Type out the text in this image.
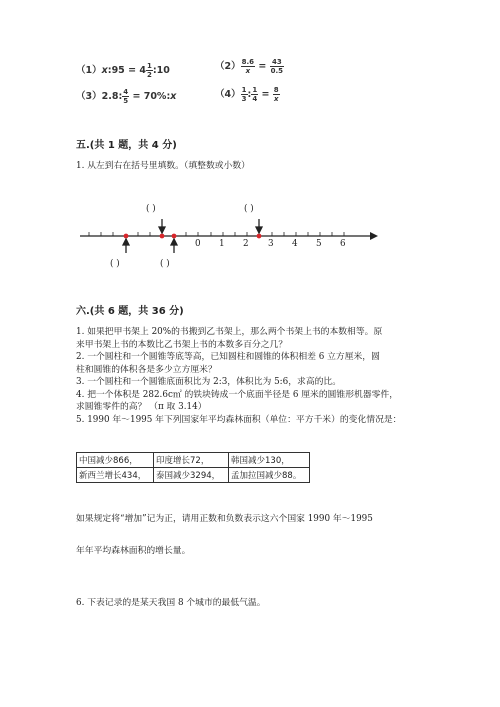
（1）x:95 = $4 \frac{1}{2}$ :10	$(2) \frac{8.6}{x} = \frac{43}{0.5}$
（3）2.8: $\frac{4}{5}$ = 70%:x	$(4) \frac{1}{3}$ : $\frac{1}{4} = \frac{8}{x}$
五.(共 1 题，共 4 分)
1. 从左到右在括号里填数。（填整数或小数）
( )	( )
( )	( )
0 1 2 3 4 5 6
六.(共 6 题，共 36 分)
1. 如果把甲书架上 20%的书搬到乙书架上，那么两个书架上书的本数相等。原
来甲书架上书的本数比乙书架上书的本数多百分之几？
2. 一个圆柱和一个圆锥等底等高，已知圆柱和圆锥的体积相差 6 立方厘米，圆
柱和圆锥的体积各是多少立方厘米？
3. 一个圆柱和一个圆锥底面积比为 2:3，体积比为 5:6，求高的比。
4. 把一个体积是 282.6c㎡ 的铁块铸成一个底面半径是 6 厘米的圆锥形机器零件，
求圆锥零件的高？ （π 取 3.14）
5. 1990 年～1995 年下列国家年平均森林面积（单位：平方千米）的变化情况是：
中国减少866，	印度增长72，	韩国减少130，
新西兰增长434，	泰国减少3294，	孟加拉国减少88。
如果规定将“增加”记为正，请用正数和负数表示这六个国家 1990 年～1995
年年平均森林面积的增长量。
6. 下表记录的是某天我国 8 个城市的最低气温。
